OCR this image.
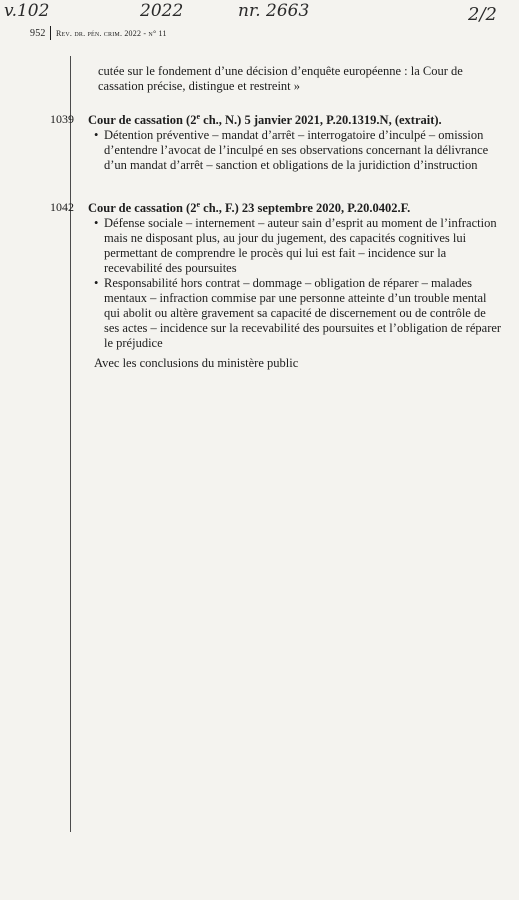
v.102	2022	nr. 2663	2/2
952 Rev. dr. pén. crim. 2022 - n° 11
cutée sur le fondement d’une décision d’enquête européenne : la Cour de cassation précise, distingue et restreint »
1039 Cour de cassation (2e ch., N.) 5 janvier 2021, P.20.1319.N, (extrait).
• Détention préventive – mandat d’arrêt – interrogatoire d’inculpé – omission d’entendre l’avocat de l’inculpé en ses observations concernant la délivrance d’un mandat d’arrêt – sanction et obligations de la juridiction d’instruction
1042 Cour de cassation (2e ch., F.) 23 septembre 2020, P.20.0402.F.
• Défense sociale – internement – auteur sain d’esprit au moment de l’infraction mais ne disposant plus, au jour du jugement, des capacités cognitives lui permettant de comprendre le procès qui lui est fait – incidence sur la recevabilité des poursuites
• Responsabilité hors contrat – dommage – obligation de réparer – malades mentaux – infraction commise par une personne atteinte d’un trouble mental qui abolit ou altère gravement sa capacité de discernement ou de contrôle de ses actes – incidence sur la recevabilité des poursuites et l’obligation de réparer le préjudice
Avec les conclusions du ministère public
